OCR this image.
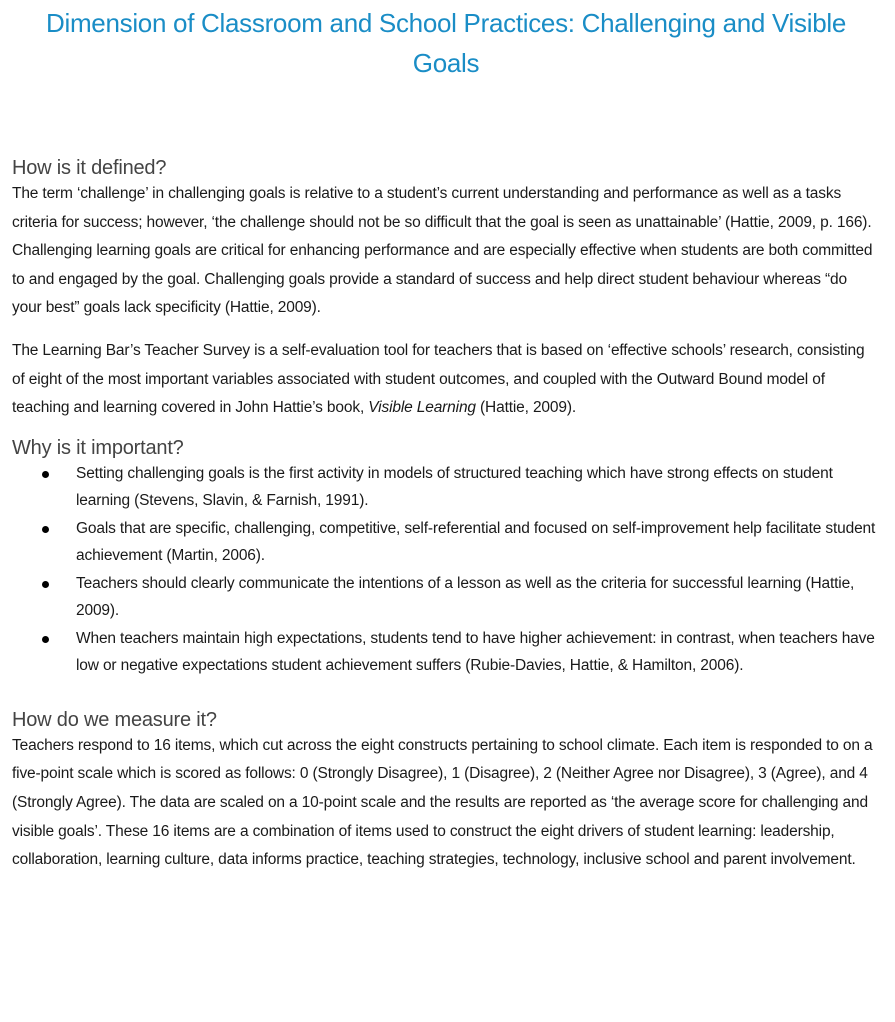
Dimension of Classroom and School Practices: Challenging and Visible Goals
How is it defined?

The term ‘challenge’ in challenging goals is relative to a student’s current understanding and performance as well as a tasks criteria for success; however, ‘the challenge should not be so difficult that the goal is seen as unattainable’ (Hattie, 2009, p. 166). Challenging learning goals are critical for enhancing performance and are especially effective when students are both committed to and engaged by the goal. Challenging goals provide a standard of success and help direct student behaviour whereas “do your best” goals lack specificity (Hattie, 2009).

The Learning Bar’s Teacher Survey is a self-evaluation tool for teachers that is based on ‘effective schools’ research, consisting of eight of the most important variables associated with student outcomes, and coupled with the Outward Bound model of teaching and learning covered in John Hattie’s book, Visible Learning (Hattie, 2009).

Why is it important?
Setting challenging goals is the first activity in models of structured teaching which have strong effects on student learning (Stevens, Slavin, & Farnish, 1991).
Goals that are specific, challenging, competitive, self-referential and focused on self-improvement help facilitate student achievement (Martin, 2006).
Teachers should clearly communicate the intentions of a lesson as well as the criteria for successful learning (Hattie, 2009).
When teachers maintain high expectations, students tend to have higher achievement: in contrast, when teachers have low or negative expectations student achievement suffers (Rubie-Davies, Hattie, & Hamilton, 2006).
How do we measure it?

Teachers respond to 16 items, which cut across the eight constructs pertaining to school climate. Each item is responded to on a five-point scale which is scored as follows: 0 (Strongly Disagree), 1 (Disagree), 2 (Neither Agree nor Disagree), 3 (Agree), and 4 (Strongly Agree). The data are scaled on a 10-point scale and the results are reported as ‘the average score for challenging and visible goals’. These 16 items are a combination of items used to construct the eight drivers of student learning: leadership, collaboration, learning culture, data informs practice, teaching strategies, technology, inclusive school and parent involvement.
